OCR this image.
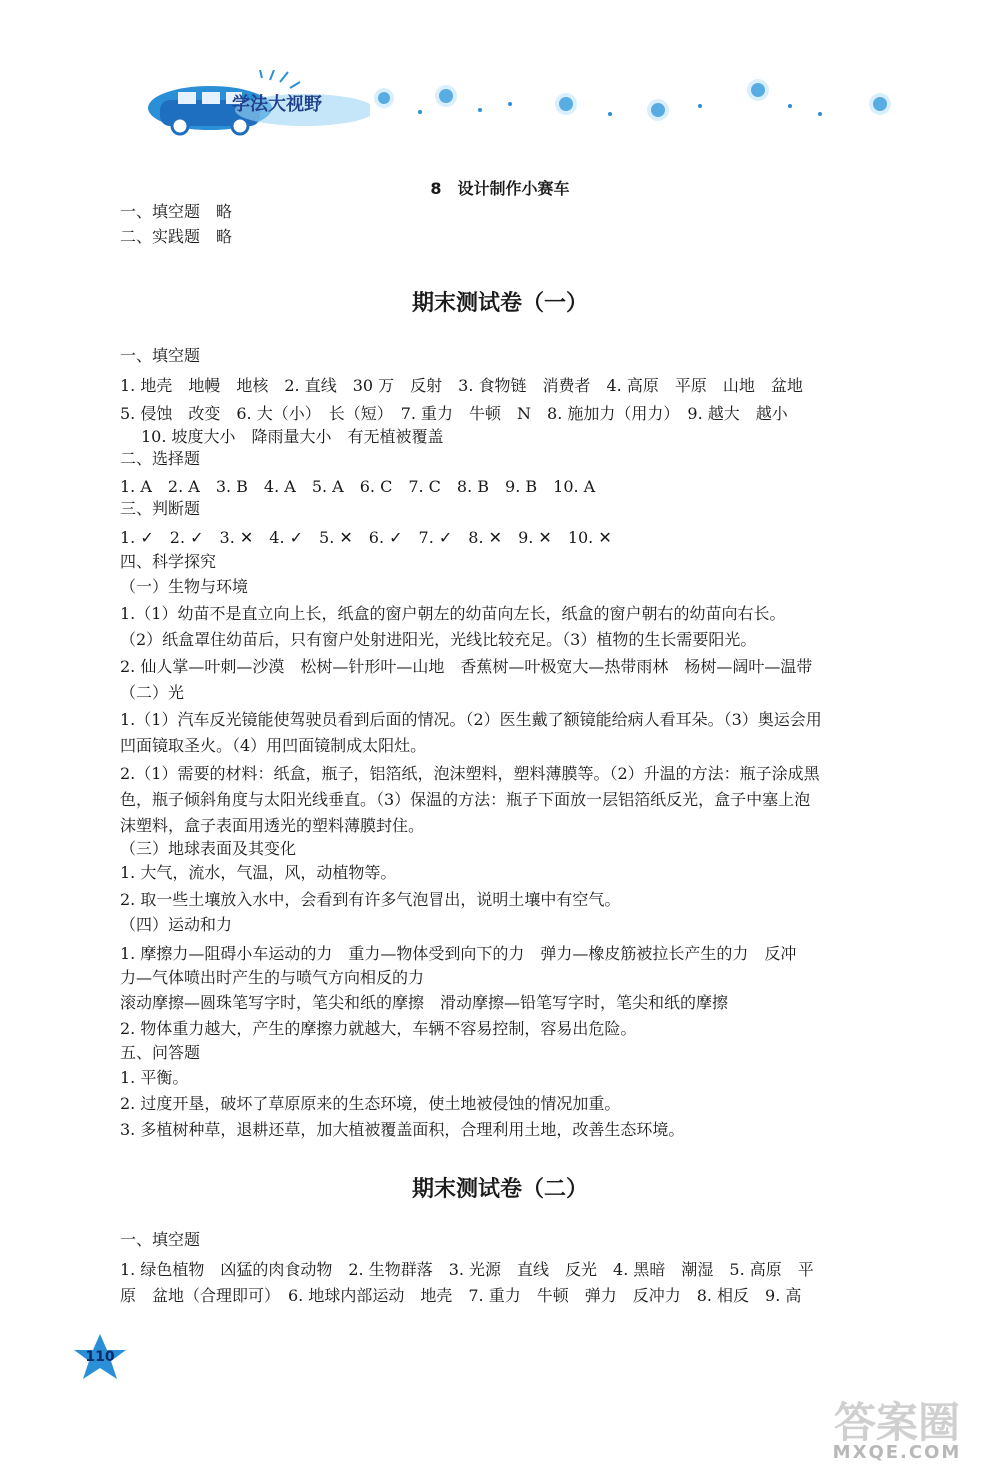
学法大视野
8　设计制作小赛车
一、填空题　略
二、实践题　略
期末测试卷（一）
一、填空题
1. 地壳　地幔　地核　2. 直线　30 万　反射　3. 食物链　消费者　4. 高原　平原　山地　盆地
5. 侵蚀　改变　6. 大（小）　长（短）　7. 重力　牛顿　N　8. 施加力（用力）　9. 越大　越小
10. 坡度大小　降雨量大小　有无植被覆盖
二、选择题
1. A　2. A　3. B　4. A　5. A　6. C　7. C　8. B　9. B　10. A
三、判断题
1. ✓　2. ✓　3. ✕　4. ✓　5. ✕　6. ✓　7. ✓　8. ✕　9. ✕　10. ✕
四、科学探究
（一）生物与环境
1.（1）幼苗不是直立向上长，纸盒的窗户朝左的幼苗向左长，纸盒的窗户朝右的幼苗向右长。
（2）纸盒罩住幼苗后，只有窗户处射进阳光，光线比较充足。（3）植物的生长需要阳光。
2. 仙人掌—叶刺—沙漠　松树—针形叶—山地　香蕉树—叶极宽大—热带雨林　杨树—阔叶—温带
（二）光
1.（1）汽车反光镜能使驾驶员看到后面的情况。（2）医生戴了额镜能给病人看耳朵。（3）奥运会用
凹面镜取圣火。（4）用凹面镜制成太阳灶。
2.（1）需要的材料：纸盒，瓶子，铝箔纸，泡沫塑料，塑料薄膜等。（2）升温的方法：瓶子涂成黑
色，瓶子倾斜角度与太阳光线垂直。（3）保温的方法：瓶子下面放一层铝箔纸反光，盒子中塞上泡
沫塑料，盒子表面用透光的塑料薄膜封住。
（三）地球表面及其变化
1. 大气，流水，气温，风，动植物等。
2. 取一些土壤放入水中，会看到有许多气泡冒出，说明土壤中有空气。
（四）运动和力
1. 摩擦力—阻碍小车运动的力　重力—物体受到向下的力　弹力—橡皮筋被拉长产生的力　反冲
力—气体喷出时产生的与喷气方向相反的力
滚动摩擦—圆珠笔写字时，笔尖和纸的摩擦　滑动摩擦—铅笔写字时，笔尖和纸的摩擦
2. 物体重力越大，产生的摩擦力就越大，车辆不容易控制，容易出危险。
五、问答题
1. 平衡。
2. 过度开垦，破坏了草原原来的生态环境，使土地被侵蚀的情况加重。
3. 多植树种草，退耕还草，加大植被覆盖面积，合理利用土地，改善生态环境。
期末测试卷（二）
一、填空题
1. 绿色植物　凶猛的肉食动物　2. 生物群落　3. 光源　直线　反光　4. 黑暗　潮湿　5. 高原　平
原　盆地（合理即可）　6. 地球内部运动　地壳　7. 重力　牛顿　弹力　反冲力　8. 相反　9. 高
110
答案圈
MXQE.COM
